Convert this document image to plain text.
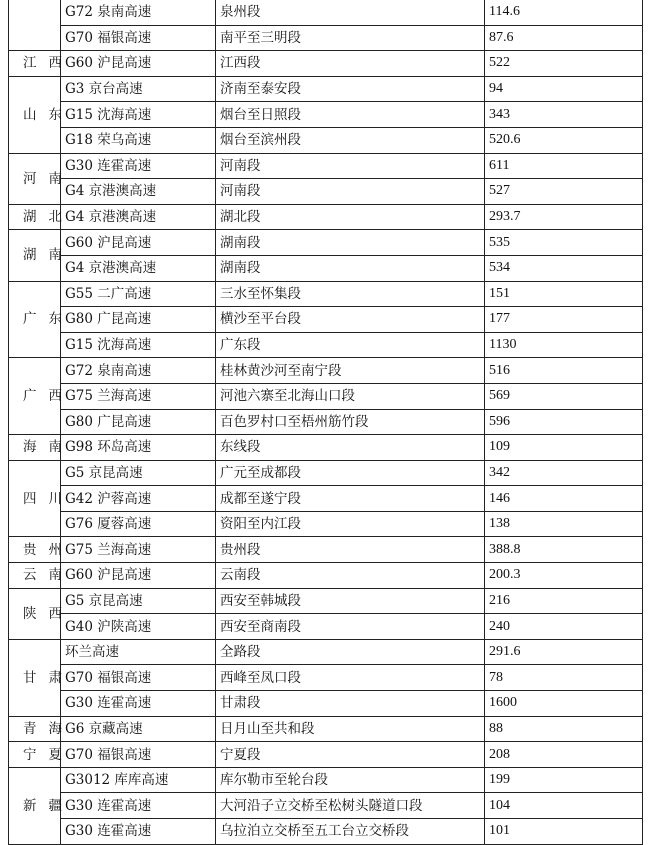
	G72 泉南高速	泉州段	114.6
	G70 福银高速	南平至三明段	87.6
江西	G60 沪昆高速	江西段	522
山东	G3 京台高速	济南至泰安段	94
	G15 沈海高速	烟台至日照段	343
	G18 荣乌高速	烟台至滨州段	520.6
河南	G30 连霍高速	河南段	611
	G4 京港澳高速	河南段	527
湖北	G4 京港澳高速	湖北段	293.7
湖南	G60 沪昆高速	湖南段	535
	G4 京港澳高速	湖南段	534
广东	G55 二广高速	三水至怀集段	151
	G80 广昆高速	横沙至平台段	177
	G15 沈海高速	广东段	1130
广西	G72 泉南高速	桂林黄沙河至南宁段	516
	G75 兰海高速	河池六寨至北海山口段	569
	G80 广昆高速	百色罗村口至梧州筋竹段	596
海南	G98 环岛高速	东线段	109
四川	G5 京昆高速	广元至成都段	342
	G42 沪蓉高速	成都至遂宁段	146
	G76 厦蓉高速	资阳至内江段	138
贵州	G75 兰海高速	贵州段	388.8
云南	G60 沪昆高速	云南段	200.3
陕西	G5 京昆高速	西安至韩城段	216
	G40 沪陕高速	西安至商南段	240
甘肃	环兰高速	全路段	291.6
	G70 福银高速	西峰至凤口段	78
	G30 连霍高速	甘肃段	1600
青海	G6 京藏高速	日月山至共和段	88
宁夏	G70 福银高速	宁夏段	208
新疆	G3012 库库高速	库尔勒市至轮台段	199
	G30 连霍高速	大河沿子立交桥至松树头隧道口段	104
	G30 连霍高速	乌拉泊立交桥至五工台立交桥段	101
